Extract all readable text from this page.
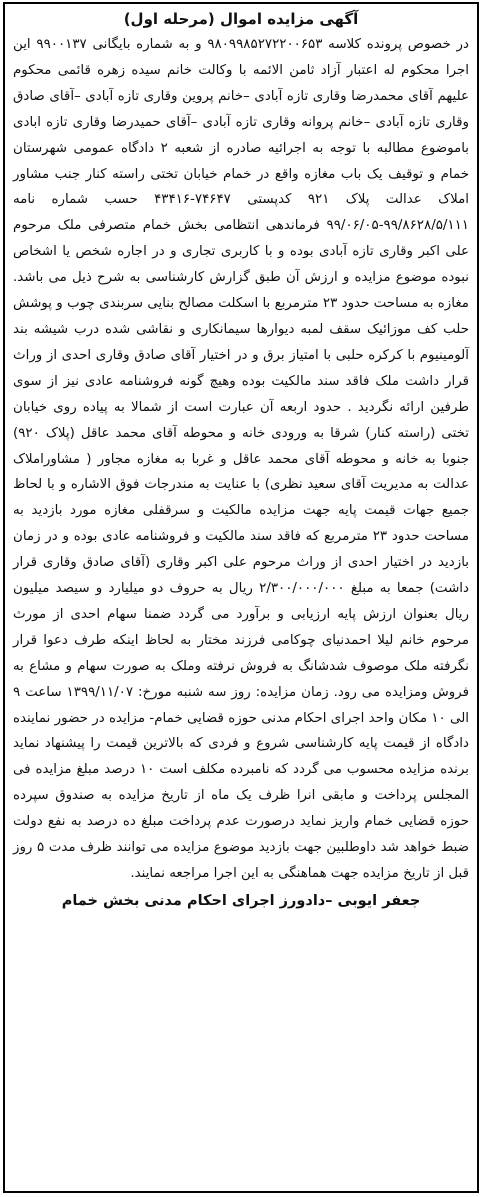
آگهی مزایده اموال (مرحله اول)

در خصوص پرونده کلاسه ۹۸۰۹۹۸۵۲۷۲۲۰۰۶۵۳ و به شماره بایگانی ۹۹۰۰۱۳۷ این اجرا محکوم له اعتبار آزاد ثامن الائمه با وکالت خانم سیده زهره قائمی محکوم علیهم آقای محمدرضا وقاری تازه آبادی –خانم پروین وقاری تازه آبادی –آقای صادق وقاری تازه آبادی –خانم پروانه وقاری تازه آبادی –آقای حمیدرضا وقاری تازه ابادی باموضوع مطالبه با توجه به اجرائیه صادره از شعبه ۲ دادگاه عمومی شهرستان خمام و توقیف یک باب مغازه واقع در خمام خیابان تختی راسته کنار جنب مشاور املاک عدالت پلاک ۹۲۱ کدپستی ۷۴۶۴۷-۴۳۴۱۶ حسب شماره نامه ۹۹/۸۶۲۸/۵/۱۱۱-۹۹/۰۶/۰۵ فرماندهی انتظامی بخش خمام متصرفی ملک مرحوم علی اکبر وقاری تازه آبادی بوده و با کاربری تجاری و در اجاره شخص یا اشخاص نبوده موضوع مزایده و ارزش آن طبق گزارش کارشناسی به شرح ذیل می باشد. مغازه به مساحت حدود ۲۳ مترمربع با اسکلت مصالح بنایی سربندی چوب و پوشش حلب کف موزائیک سقف لمبه دیوارها سیمانکاری و نقاشی شده درب شیشه بند آلومینیوم با کرکره حلبی با امتیاز برق و در اختیار آقای صادق وقاری احدی از وراث قرار داشت ملک فاقد سند مالکیت بوده وهیچ گونه فروشنامه عادی نیز از سوی طرفین ارائه نگردید . حدود اربعه آن عبارت است از شمالا به پیاده روی خیابان تختی (راسته کنار) شرقا به ورودی خانه و محوطه آقای محمد عاقل (پلاک ۹۲۰) جنوبا به خانه و محوطه آقای محمد عاقل و غربا به مغازه مجاور ( مشاوراملاک عدالت به مدیریت آقای سعید نظری) با عنایت به مندرجات فوق الاشاره و با لحاظ جمیع جهات قیمت پایه جهت مزایده مالکیت و سرقفلی مغازه مورد بازدید به مساحت حدود ۲۳ مترمربع که فاقد سند مالکیت و فروشنامه عادی بوده و در زمان بازدید در اختیار احدی از وراث مرحوم علی اکبر وقاری (آقای صادق وقاری قرار داشت) جمعا به مبلغ ۲/۳۰۰/۰۰۰/۰۰۰ ریال به حروف دو میلیارد و سیصد میلیون ریال بعنوان ارزش پایه ارزیابی و برآورد می گردد ضمنا سهام احدی از مورث مرحوم خانم لیلا احمدنیای چوکامی فرزند مختار به لحاظ اینکه طرف دعوا قرار نگرفته ملک موصوف شدشانگ به فروش نرفته وملک به صورت سهام و مشاع به فروش ومزایده می رود. زمان مزایده: روز سه شنبه مورخ: ۱۳۹۹/۱۱/۰۷ ساعت ۹ الی ۱۰ مکان واحد اجرای احکام مدنی حوزه قضایی خمام- مزایده در حضور نماینده دادگاه از قیمت پایه کارشناسی شروع و فردی که بالاترین قیمت را پیشنهاد نماید برنده مزایده محسوب می گردد که نامبرده مکلف است ۱۰ درصد مبلغ مزایده فی المجلس پرداخت و مابقی انرا ظرف یک ماه از تاریخ مزایده به صندوق سپرده حوزه قضایی خمام واریز نماید درصورت عدم پرداخت مبلغ ده درصد به نفع دولت ضبط خواهد شد داوطلبین جهت بازدید موضوع مزایده می توانند ظرف مدت ۵ روز قبل از تاریخ مزایده جهت هماهنگی به این اجرا مراجعه نمایند.

جعفر ایوبی –دادورز اجرای احکام مدنی بخش خمام
